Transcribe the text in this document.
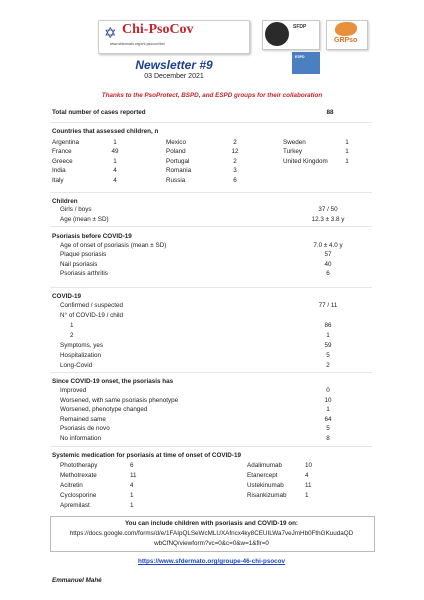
✡ Chi-PsoCov
www.sfdermato.org/chi-psocov.html
SFDP
GRPso
ESPD
Newsletter #9
03 December 2021
Thanks to the PsoProtect, BSPD, and ESPD groups for their collaboration
Total number of cases reported	88
Countries that assessed children, n
Children
Psoriasis before COVID-19
COVID-19
Since COVID-19 onset, the psoriasis has
Systemic medication for psoriasis at time of onset of COVID-19
You can include children with psoriasis and COVID-19 on:
https://docs.google.com/forms/d/e/1FAIpQLSeWcMLUXAfncx4ky8CEUILWa7veJmHb0FthGKuudaQD
wbCfNQ/viewform?vc=0&c=0&w=1&flr=0
https://www.sfdermato.org/groupe-46-chi-psocov
Emmanuel Mahé
Argentina	1
France	49
Greece	1
India	4
Italy	4
Mexico	2
Poland	12
Portugal	2
Romania	3
Russia	6
Sweden	1
Turkey	1
United Kingdom	1
Girls / boys	37 / 50
Age (mean ± SD)	12.3 ± 3.8 y
Age of onset of psoriasis (mean ± SD)	7.0 ± 4.0 y
Plaque psoriasis	57
Nail psoriasis	40
Psoriasis arthritis	6
Confirmed / suspected	77 / 11
N° of COVID-19 / child
1	86
2	1
Symptoms, yes	59
Hospitalization	5
Long-Covid	2
Improved	0
Worsened, with same psoriasis phenotype	10
Worsened, phenotype changed	1
Remained same	64
Psoriasis de novo	5
No information	8
Phototherapy	6
Methotrexate	11
Acitretin	4
Cyclosporine	1
Apremilast	1
Adalimumab	10
Etanercept	4
Ustekinumab	11
Risankizumab	1
